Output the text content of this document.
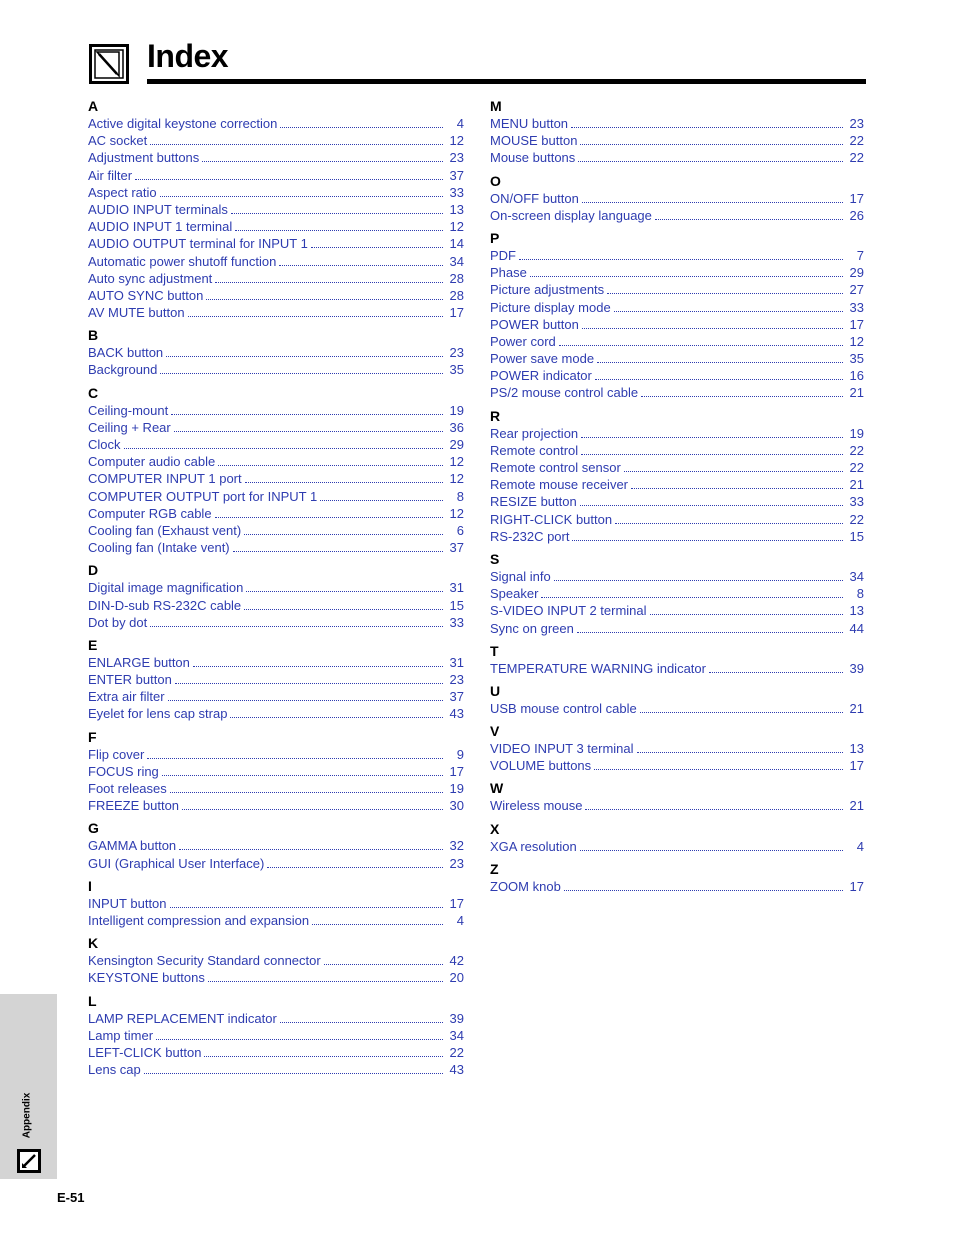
Index
A
Active digital keystone correction	4
AC socket	12
Adjustment buttons	23
Air filter	37
Aspect ratio	33
AUDIO INPUT terminals	13
AUDIO INPUT 1 terminal	12
AUDIO OUTPUT terminal for INPUT 1	14
Automatic power shutoff function	34
Auto sync adjustment	28
AUTO SYNC button	28
AV MUTE button	17
B
BACK button	23
Background	35
C
Ceiling-mount	19
Ceiling + Rear	36
Clock	29
Computer audio cable	12
COMPUTER INPUT 1 port	12
COMPUTER OUTPUT port for INPUT 1	8
Computer RGB cable	12
Cooling fan (Exhaust vent)	6
Cooling fan (Intake vent)	37
D
Digital image magnification	31
DIN-D-sub RS-232C cable	15
Dot by dot	33
E
ENLARGE button	31
ENTER button	23
Extra air filter	37
Eyelet for lens cap strap	43
F
Flip cover	9
FOCUS ring	17
Foot releases	19
FREEZE button	30
G
GAMMA button	32
GUI (Graphical User Interface)	23
I
INPUT button	17
Intelligent compression and expansion	4
K
Kensington Security Standard connector	42
KEYSTONE buttons	20
L
LAMP REPLACEMENT indicator	39
Lamp timer	34
LEFT-CLICK button	22
Lens cap	43
M
MENU button	23
MOUSE button	22
Mouse buttons	22
O
ON/OFF button	17
On-screen display language	26
P
PDF	7
Phase	29
Picture adjustments	27
Picture display mode	33
POWER button	17
Power cord	12
Power save mode	35
POWER indicator	16
PS/2 mouse control cable	21
R
Rear projection	19
Remote control	22
Remote control sensor	22
Remote mouse receiver	21
RESIZE button	33
RIGHT-CLICK button	22
RS-232C port	15
S
Signal info	34
Speaker	8
S-VIDEO INPUT 2 terminal	13
Sync on green	44
T
TEMPERATURE WARNING indicator	39
U
USB mouse control cable	21
V
VIDEO INPUT 3 terminal	13
VOLUME buttons	17
W
Wireless mouse	21
X
XGA resolution	4
Z
ZOOM knob	17
Appendix
E-51
